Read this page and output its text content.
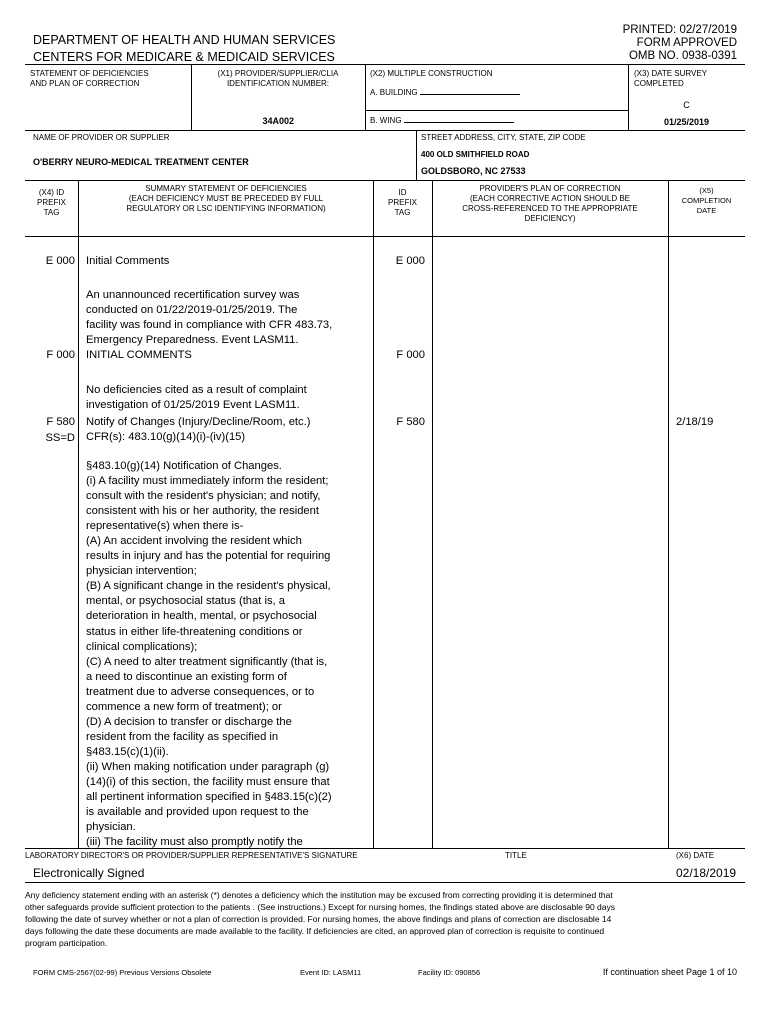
DEPARTMENT OF HEALTH AND HUMAN SERVICES
CENTERS FOR MEDICARE & MEDICAID SERVICES
PRINTED: 02/27/2019
FORM APPROVED
OMB NO. 0938-0391
STATEMENT OF DEFICIENCIES
AND PLAN OF CORRECTION
(X1) PROVIDER/SUPPLIER/CLIA
IDENTIFICATION NUMBER:
34A002
(X2) MULTIPLE CONSTRUCTION
A. BUILDING
B. WING
(X3) DATE SURVEY
COMPLETED
C
01/25/2019
NAME OF PROVIDER OR SUPPLIER
O'BERRY NEURO-MEDICAL TREATMENT CENTER
STREET ADDRESS, CITY, STATE, ZIP CODE
400 OLD SMITHFIELD ROAD
GOLDSBORO, NC 27533
(X4) ID
PREFIX
TAG
SUMMARY STATEMENT OF DEFICIENCIES
(EACH DEFICIENCY MUST BE PRECEDED BY FULL
REGULATORY OR LSC IDENTIFYING INFORMATION)
ID
PREFIX
TAG
PROVIDER'S PLAN OF CORRECTION
(EACH CORRECTIVE ACTION SHOULD BE
CROSS-REFERENCED TO THE APPROPRIATE
DEFICIENCY)
(X5)
COMPLETION
DATE
E 000 Initial Comments	E 000
An unannounced recertification survey was
conducted on 01/22/2019-01/25/2019. The
facility was found in compliance with CFR 483.73,
Emergency Preparedness. Event LASM11.
F 000 INITIAL COMMENTS	F 000
No deficiencies cited as a result of complaint
investigation of 01/25/2019 Event LASM11.
F 580
SS=D
Notify of Changes (Injury/Decline/Room, etc.)
CFR(s): 483.10(g)(14)(i)-(iv)(15)
F 580	2/18/19
§483.10(g)(14) Notification of Changes.
(i) A facility must immediately inform the resident;
consult with the resident's physician; and notify,
consistent with his or her authority, the resident
representative(s) when there is-
(A) An accident involving the resident which
results in injury and has the potential for requiring
physician intervention;
(B) A significant change in the resident's physical,
mental, or psychosocial status (that is, a
deterioration in health, mental, or psychosocial
status in either life-threatening conditions or
clinical complications);
(C) A need to alter treatment significantly (that is,
a need to discontinue an existing form of
treatment due to adverse consequences, or to
commence a new form of treatment); or
(D) A decision to transfer or discharge the
resident from the facility as specified in
§483.15(c)(1)(ii).
(ii) When making notification under paragraph (g)
(14)(i) of this section, the facility must ensure that
all pertinent information specified in §483.15(c)(2)
is available and provided upon request to the
physician.
(iii) The facility must also promptly notify the
LABORATORY DIRECTOR'S OR PROVIDER/SUPPLIER REPRESENTATIVE'S SIGNATURE
Electronically Signed
TITLE	(X6) DATE
02/18/2019
Any deficiency statement ending with an asterisk (*) denotes a deficiency which the institution may be excused from correcting providing it is determined that
other safeguards provide sufficient protection to the patients . (See instructions.) Except for nursing homes, the findings stated above are disclosable 90 days
following the date of survey whether or not a plan of correction is provided. For nursing homes, the above findings and plans of correction are disclosable 14
days following the date these documents are made available to the facility. If deficiencies are cited, an approved plan of correction is requisite to continued
program participation.
FORM CMS-2567(02-99) Previous Versions Obsolete	Event ID: LASM11	Facility ID: 090856	If continuation sheet Page 1 of 10
